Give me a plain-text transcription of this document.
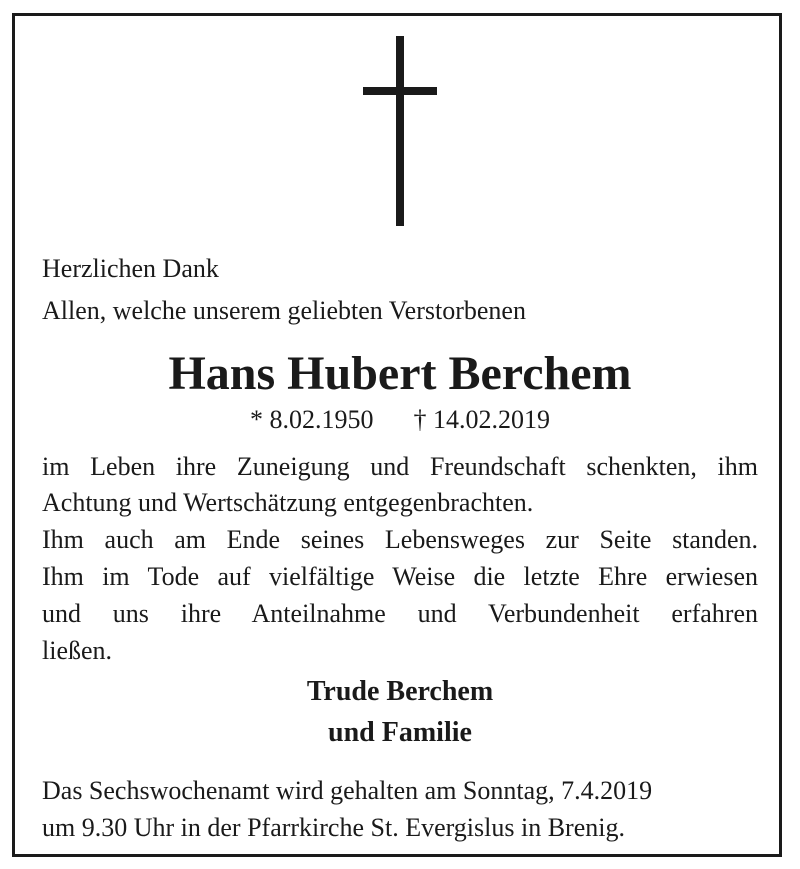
Herzlichen Dank
Allen, welche unserem geliebten Verstorbenen
Hans Hubert Berchem
* 8.02.1950 † 14.02.2019
im Leben ihre Zuneigung und Freundschaft schenkten, ihm
Achtung und Wertschätzung entgegenbrachten.
Ihm auch am Ende seines Lebensweges zur Seite standen.
Ihm im Tode auf vielfältige Weise die letzte Ehre erwiesen
und uns ihre Anteilnahme und Verbundenheit erfahren
ließen.
Trude Berchem
und Familie
Das Sechswochenamt wird gehalten am Sonntag, 7.4.2019
um 9.30 Uhr in der Pfarrkirche St. Evergislus in Brenig.
